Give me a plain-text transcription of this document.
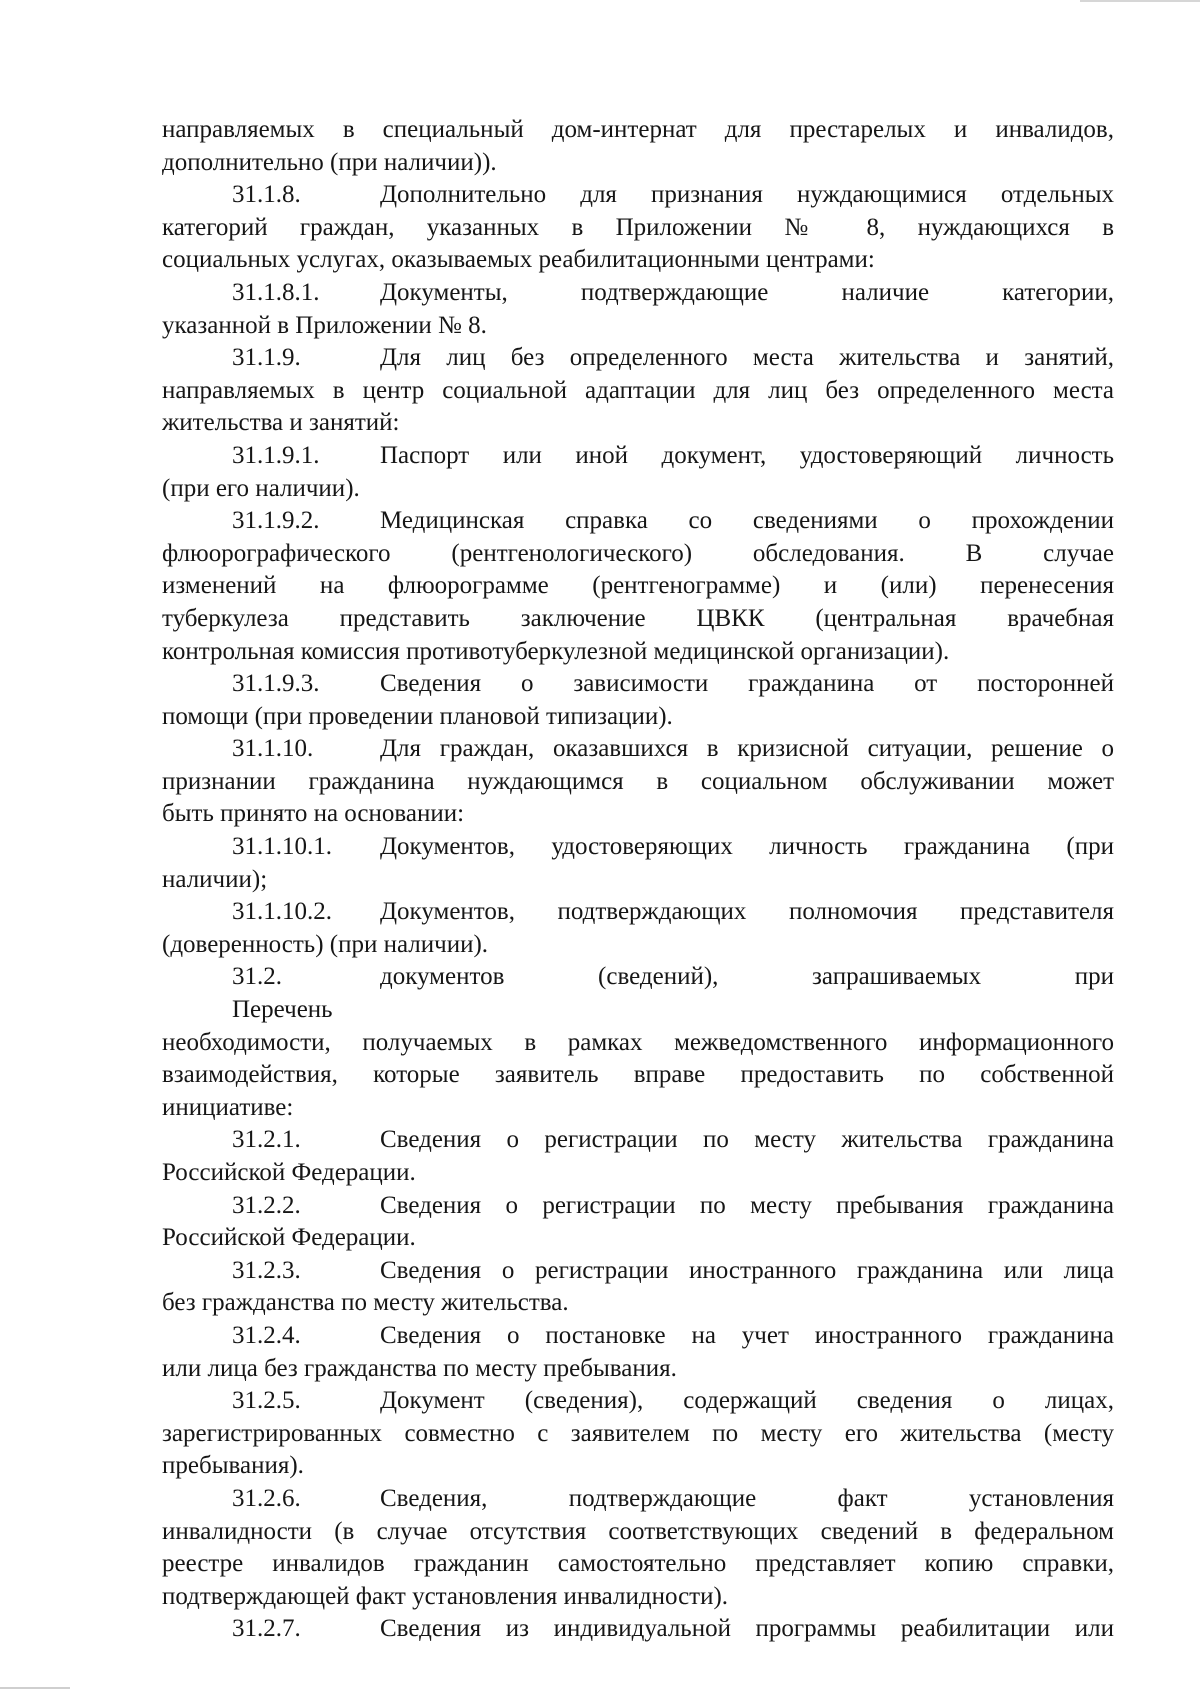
направляемых в специальный дом-интернат для престарелых и инвалидов,
дополнительно (при наличии)).
31.1.8.	Дополнительно для признания нуждающимися отдельных
категорий граждан, указанных в Приложении № 8, нуждающихся в
социальных услугах, оказываемых реабилитационными центрами:
31.1.8.1.	Документы, подтверждающие наличие категории,
указанной в Приложении № 8.
31.1.9.	Для лиц без определенного места жительства и занятий,
направляемых в центр социальной адаптации для лиц без определенного места
жительства и занятий:
31.1.9.1.	Паспорт или иной документ, удостоверяющий личность
(при его наличии).
31.1.9.2.	Медицинская справка со сведениями о прохождении
флюорографического (рентгенологического) обследования. В случае
изменений на флюорограмме (рентгенограмме) и (или) перенесения
туберкулеза представить заключение ЦВКК (центральная врачебная
контрольная комиссия противотуберкулезной медицинской организации).
31.1.9.3.	Сведения о зависимости гражданина от посторонней
помощи (при проведении плановой типизации).
31.1.10.	Для граждан, оказавшихся в кризисной ситуации, решение о
признании гражданина нуждающимся в социальном обслуживании может
быть принято на основании:
31.1.10.1.	Документов, удостоверяющих личность гражданина (при
наличии);
31.1.10.2.	Документов, подтверждающих полномочия представителя
(доверенность) (при наличии).
31.2. Перечень
документов (сведений), запрашиваемых при
необходимости, получаемых в рамках межведомственного информационного
взаимодействия, которые заявитель вправе предоставить по собственной
инициативе:
31.2.1.	Сведения о регистрации по месту жительства гражданина
Российской Федерации.
31.2.2.	Сведения о регистрации по месту пребывания гражданина
Российской Федерации.
31.2.3.	Сведения о регистрации иностранного гражданина или лица
без гражданства по месту жительства.
31.2.4.	Сведения о постановке на учет иностранного гражданина
или лица без гражданства по месту пребывания.
31.2.5.	Документ (сведения), содержащий сведения о лицах,
зарегистрированных совместно с заявителем по месту его жительства (месту
пребывания).
31.2.6.	Сведения, подтверждающие факт установления
инвалидности (в случае отсутствия соответствующих сведений в федеральном
реестре инвалидов гражданин самостоятельно представляет копию справки,
подтверждающей факт установления инвалидности).
31.2.7.	Сведения из индивидуальной программы реабилитации или
